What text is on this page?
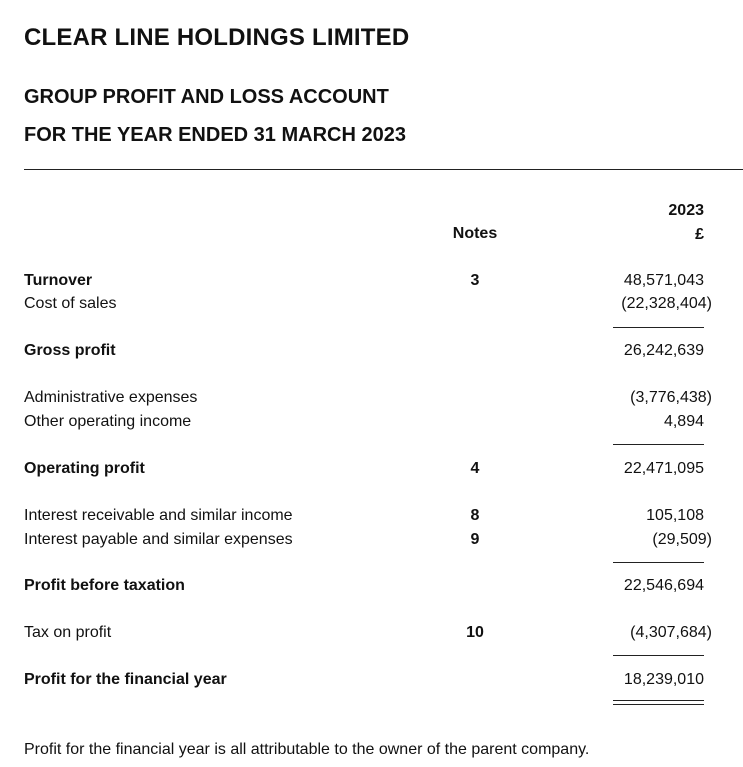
CLEAR LINE HOLDINGS LIMITED
GROUP PROFIT AND LOSS ACCOUNT
FOR THE YEAR ENDED 31 MARCH 2023
Notes
2023
£
Turnover	3	48,571,043
Cost of sales	(22,328,404)
Gross profit	26,242,639
Administrative expenses	(3,776,438)
Other operating income	4,894
Operating profit	4	22,471,095
Interest receivable and similar income	8	105,108
Interest payable and similar expenses	9	(29,509)
Profit before taxation	22,546,694
Tax on profit	10	(4,307,684)
Profit for the financial year	18,239,010
Profit for the financial year is all attributable to the owner of the parent company.
